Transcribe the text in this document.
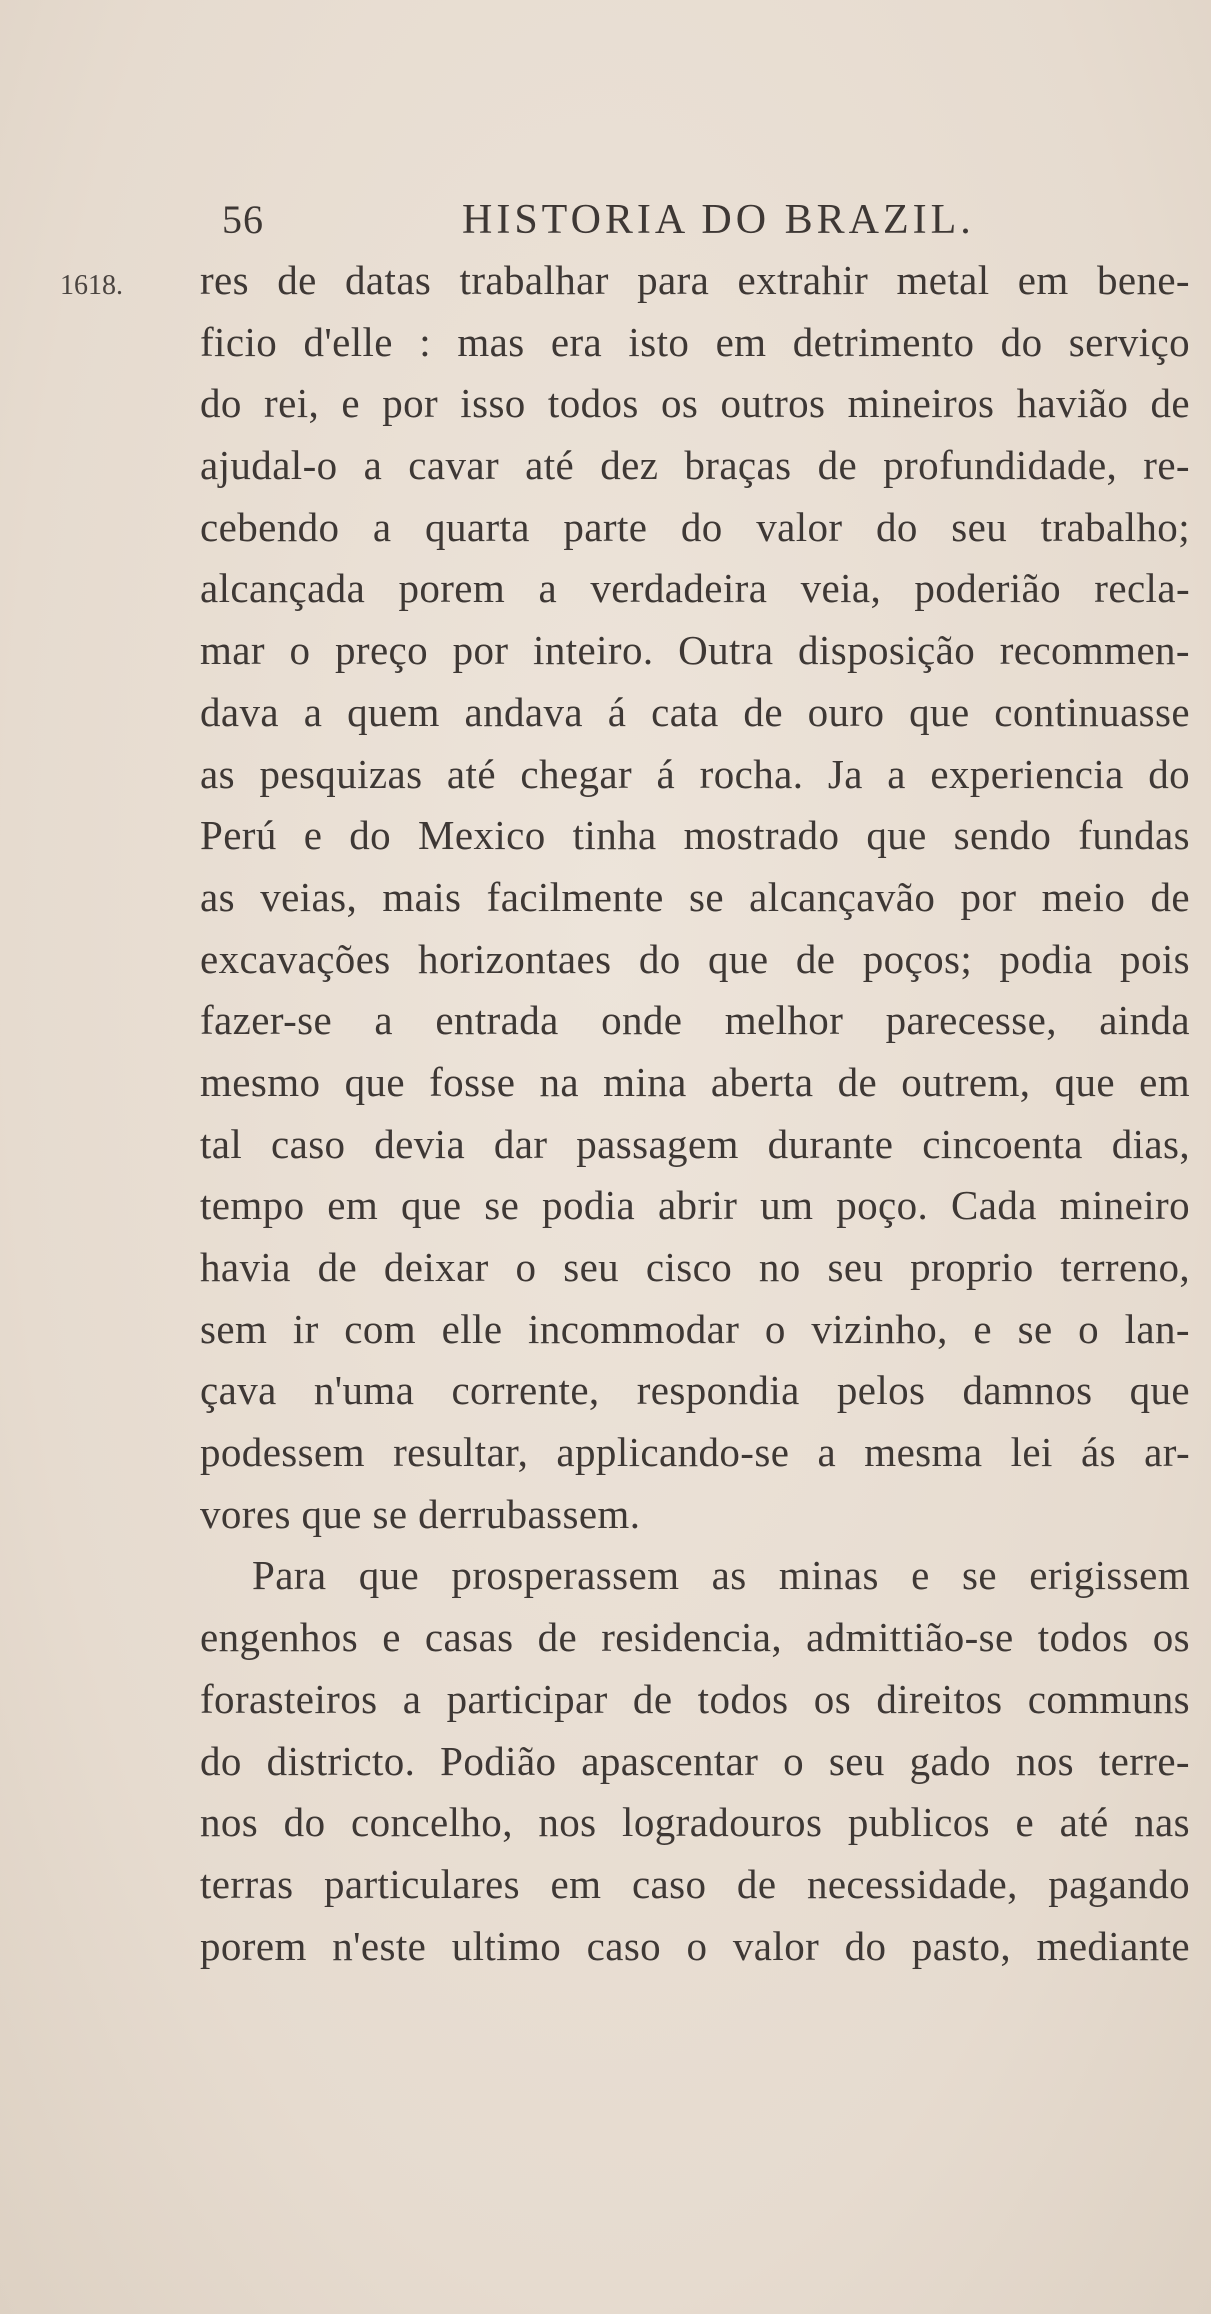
56	HISTORIA DO BRAZIL.
1618. res de datas trabalhar para extrahir metal em bene-
ficio d'elle : mas era isto em detrimento do serviço
do rei, e por isso todos os outros mineiros havião de
ajudal-o a cavar até dez braças de profundidade, re-
cebendo a quarta parte do valor do seu trabalho;
alcançada porem a verdadeira veia, poderião recla-
mar o preço por inteiro. Outra disposição recommen-
dava a quem andava á cata de ouro que continuasse
as pesquizas até chegar á rocha. Ja a experiencia do
Perú e do Mexico tinha mostrado que sendo fundas
as veias, mais facilmente se alcançavão por meio de
excavações horizontaes do que de poços; podia pois
fazer-se a entrada onde melhor parecesse, ainda
mesmo que fosse na mina aberta de outrem, que em
tal caso devia dar passagem durante cincoenta dias,
tempo em que se podia abrir um poço. Cada mineiro
havia de deixar o seu cisco no seu proprio terreno,
sem ir com elle incommodar o vizinho, e se o lan-
çava n'uma corrente, respondia pelos damnos que
podessem resultar, applicando-se a mesma lei ás ar-
vores que se derrubassem.
Para que prosperassem as minas e se erigissem
engenhos e casas de residencia, admittião-se todos os
forasteiros a participar de todos os direitos communs
do districto. Podião apascentar o seu gado nos terre-
nos do concelho, nos logradouros publicos e até nas
terras particulares em caso de necessidade, pagando
porem n'este ultimo caso o valor do pasto, mediante
